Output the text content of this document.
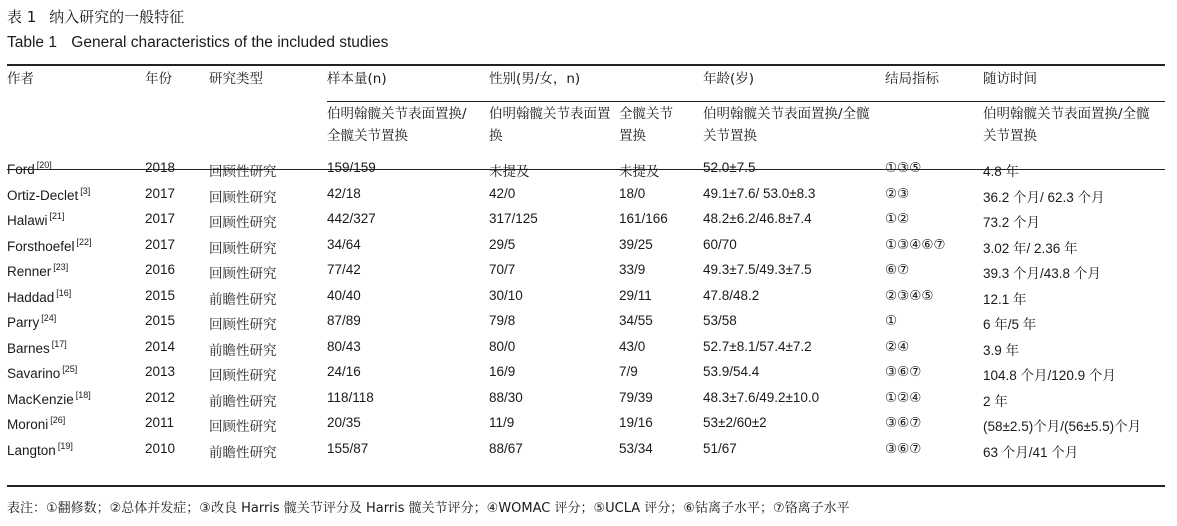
表 1 纳入研究的一般特征
Table 1 General characteristics of the included studies
作者	年份	研究类型	样本量(n)	性别(男/女，n)		年龄(岁)	结局指标	随访时间
			伯明翰髋关节表面置换/全髋关节置换	伯明翰髋关节表面置换	全髋关节置换	伯明翰髋关节表面置换/全髋关节置换		伯明翰髋关节表面置换/全髋关节置换
Ford [20]	2018	回顾性研究	159/159	未提及	未提及	52.0±7.5	①③⑤	4.8 年
Ortiz-Declet [3]	2017	回顾性研究	42/18	42/0	18/0	49.1±7.6/ 53.0±8.3	②③	36.2 个月/ 62.3 个月
Halawi [21]	2017	回顾性研究	442/327	317/125	161/166	48.2±6.2/46.8±7.4	①②	73.2 个月
Forsthoefel [22]	2017	回顾性研究	34/64	29/5	39/25	60/70	①③④⑥⑦	3.02 年/ 2.36 年
Renner [23]	2016	回顾性研究	77/42	70/7	33/9	49.3±7.5/49.3±7.5	⑥⑦	39.3 个月/43.8 个月
Haddad [16]	2015	前瞻性研究	40/40	30/10	29/11	47.8/48.2	②③④⑤	12.1 年
Parry [24]	2015	回顾性研究	87/89	79/8	34/55	53/58	①	6 年/5 年
Barnes [17]	2014	前瞻性研究	80/43	80/0	43/0	52.7±8.1/57.4±7.2	②④	3.9 年
Savarino [25]	2013	回顾性研究	24/16	16/9	7/9	53.9/54.4	③⑥⑦	104.8 个月/120.9 个月
MacKenzie [18]	2012	前瞻性研究	118/118	88/30	79/39	48.3±7.6/49.2±10.0	①②④	2 年
Moroni [26]	2011	回顾性研究	20/35	11/9	19/16	53±2/60±2	③⑥⑦	(58±2.5)个月/(56±5.5)个月
Langton [19]	2010	前瞻性研究	155/87	88/67	53/34	51/67	③⑥⑦	63 个月/41 个月
表注：①翻修数；②总体并发症；③改良 Harris 髋关节评分及 Harris 髋关节评分；④WOMAC 评分；⑤UCLA 评分；⑥钴离子水平；⑦铬离子水平
